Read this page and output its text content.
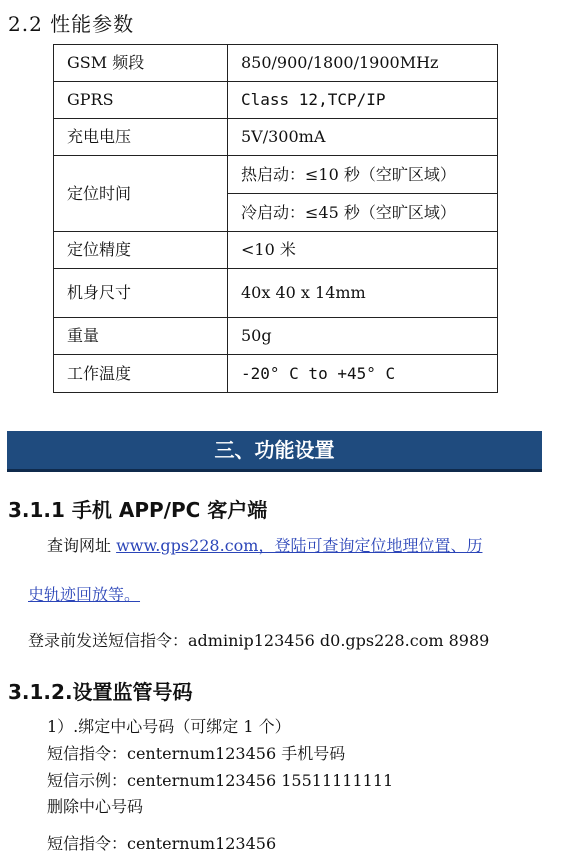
2.2 性能参数
GSM 频段	850/900/1800/1900MHz
GPRS	Class 12,TCP/IP
充电电压	5V/300mA
定位时间	热启动：≤10 秒（空旷区域）
	冷启动：≤45 秒（空旷区域）
定位精度	<10 米
机身尺寸	40x 40 x 14mm
重量	50g
工作温度	-20° C to +45° C
三、功能设置
3.1.1 手机 APP/PC 客户端
查询网址 www.gps228.com，登陆可查询定位地理位置、历
史轨迹回放等。
登录前发送短信指令：adminip123456 d0.gps228.com 8989
3.1.2.设置监管号码
1）.绑定中心号码（可绑定 1 个）
短信指令：centernum123456 手机号码
短信示例：centernum123456 15511111111
删除中心号码
短信指令：centernum123456
